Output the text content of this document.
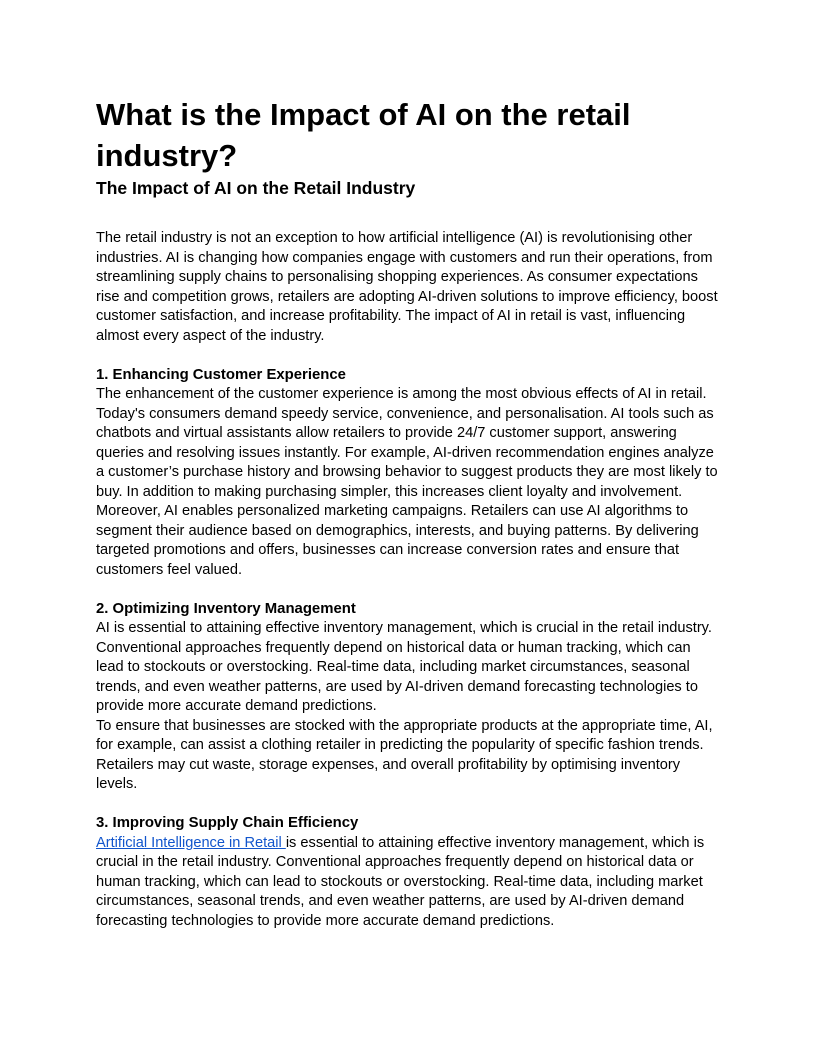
What is the Impact of AI on the retail industry?
The Impact of AI on the Retail Industry

The retail industry is not an exception to how artificial intelligence (AI) is revolutionising other industries. AI is changing how companies engage with customers and run their operations, from streamlining supply chains to personalising shopping experiences. As consumer expectations rise and competition grows, retailers are adopting AI-driven solutions to improve efficiency, boost customer satisfaction, and increase profitability. The impact of AI in retail is vast, influencing almost every aspect of the industry.

1. Enhancing Customer Experience

The enhancement of the customer experience is among the most obvious effects of AI in retail. Today's consumers demand speedy service, convenience, and personalisation. AI tools such as chatbots and virtual assistants allow retailers to provide 24/7 customer support, answering queries and resolving issues instantly. For example, AI-driven recommendation engines analyze a customer’s purchase history and browsing behavior to suggest products they are most likely to buy. In addition to making purchasing simpler, this increases client loyalty and involvement. Moreover, AI enables personalized marketing campaigns. Retailers can use AI algorithms to segment their audience based on demographics, interests, and buying patterns. By delivering targeted promotions and offers, businesses can increase conversion rates and ensure that customers feel valued.

2. Optimizing Inventory Management

AI is essential to attaining effective inventory management, which is crucial in the retail industry. Conventional approaches frequently depend on historical data or human tracking, which can lead to stockouts or overstocking. Real-time data, including market circumstances, seasonal trends, and even weather patterns, are used by AI-driven demand forecasting technologies to provide more accurate demand predictions.

To ensure that businesses are stocked with the appropriate products at the appropriate time, AI, for example, can assist a clothing retailer in predicting the popularity of specific fashion trends. Retailers may cut waste, storage expenses, and overall profitability by optimising inventory levels.

3. Improving Supply Chain Efficiency

Artificial Intelligence in Retail is essential to attaining effective inventory management, which is crucial in the retail industry. Conventional approaches frequently depend on historical data or human tracking, which can lead to stockouts or overstocking. Real-time data, including market circumstances, seasonal trends, and even weather patterns, are used by AI-driven demand forecasting technologies to provide more accurate demand predictions.
